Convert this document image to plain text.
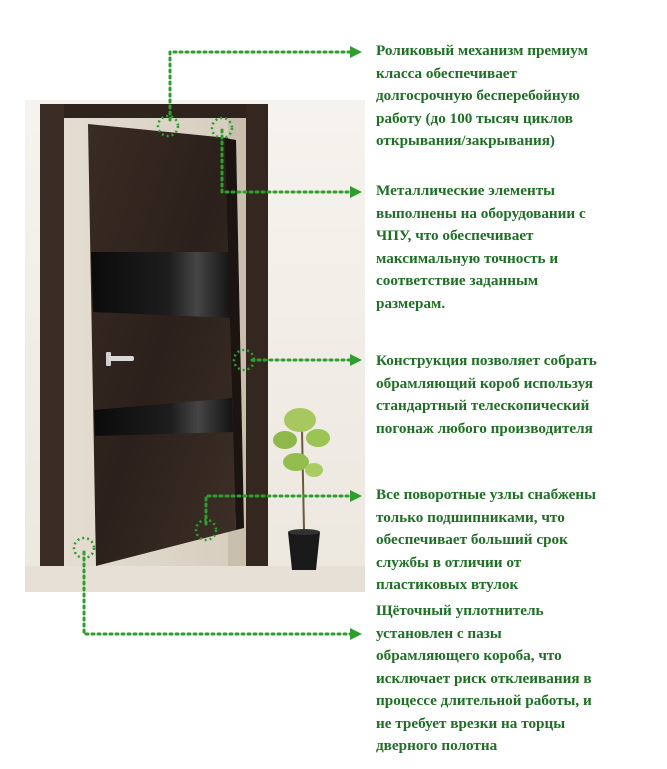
Роликовый механизм премиум
класса обеспечивает
долгосрочную бесперебойную
работу (до 100 тысяч циклов
открывания/закрывания)

Металлические элементы
выполнены на оборудовании с
ЧПУ, что обеспечивает
максимальную точность и
соответствие заданным
размерам.

Конструкция позволяет собрать
обрамляющий короб используя
стандартный телескопический
погонаж любого производителя

Все поворотные узлы снабжены
только подшипниками, что
обеспечивает больший срок
службы в отличии от
пластиковых втулок

Щёточный уплотнитель
установлен с пазы
обрамляющего короба, что
исключает риск отклеивания в
процессе длительной работы, и
не требует врезки на торцы
дверного полотна
